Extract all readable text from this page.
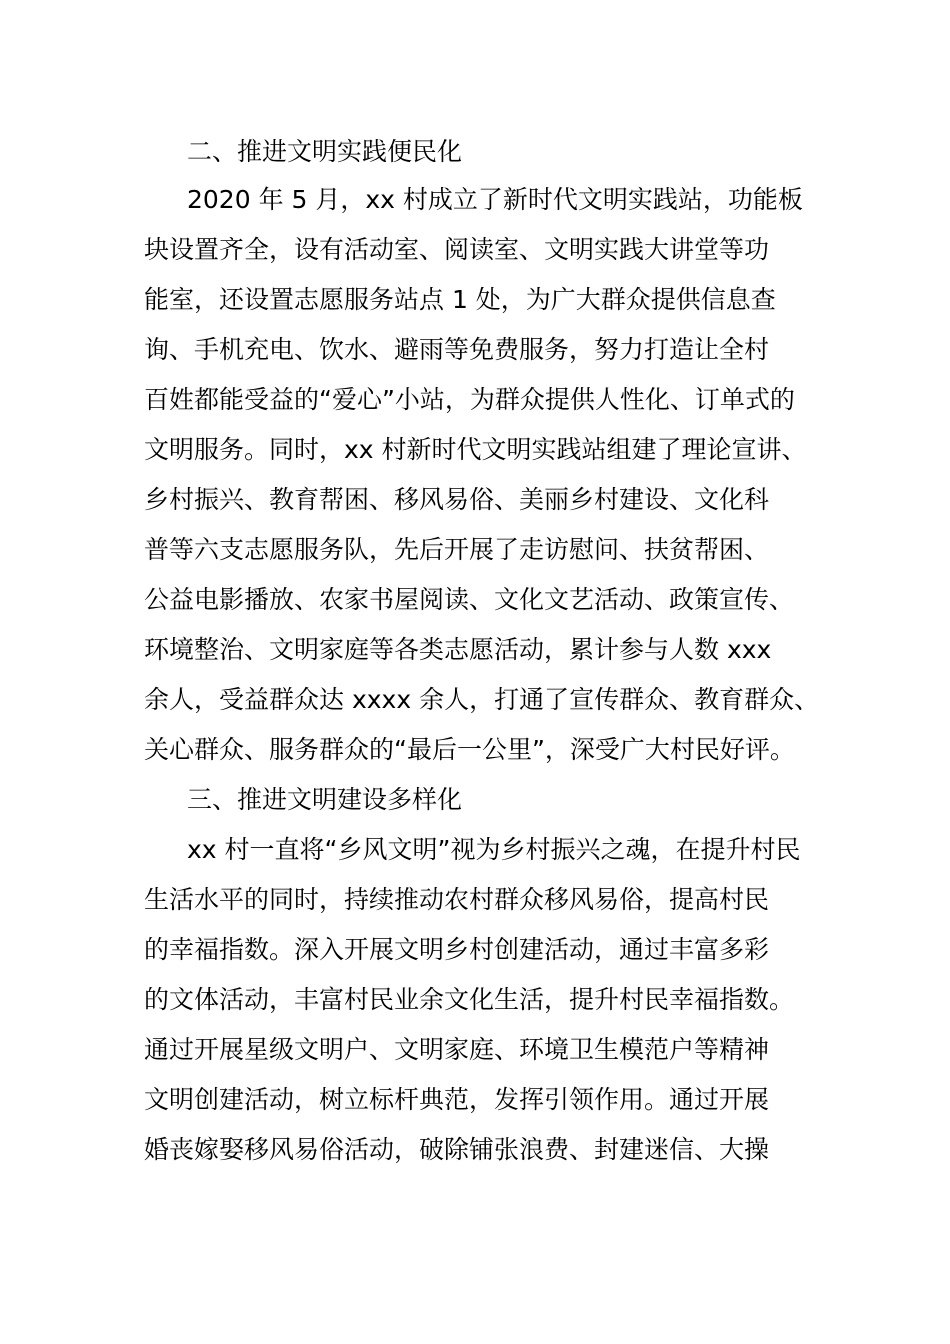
二、推进文明实践便民化
2020 年 5 月，xx 村成立了新时代文明实践站，功能板
块设置齐全，设有活动室、阅读室、文明实践大讲堂等功
能室，还设置志愿服务站点 1 处，为广大群众提供信息查
询、手机充电、饮水、避雨等免费服务，努力打造让全村
百姓都能受益的“爱心”小站，为群众提供人性化、订单式的
文明服务。同时，xx 村新时代文明实践站组建了理论宣讲、
乡村振兴、教育帮困、移风易俗、美丽乡村建设、文化科
普等六支志愿服务队，先后开展了走访慰问、扶贫帮困、
公益电影播放、农家书屋阅读、文化文艺活动、政策宣传、
环境整治、文明家庭等各类志愿活动，累计参与人数 xxx
余人，受益群众达 xxxx 余人，打通了宣传群众、教育群众、
关心群众、服务群众的“最后一公里”，深受广大村民好评。
三、推进文明建设多样化
xx 村一直将“乡风文明”视为乡村振兴之魂，在提升村民
生活水平的同时，持续推动农村群众移风易俗，提高村民
的幸福指数。深入开展文明乡村创建活动，通过丰富多彩
的文体活动，丰富村民业余文化生活，提升村民幸福指数。
通过开展星级文明户、文明家庭、环境卫生模范户等精神
文明创建活动，树立标杆典范，发挥引领作用。通过开展
婚丧嫁娶移风易俗活动，破除铺张浪费、封建迷信、大操
